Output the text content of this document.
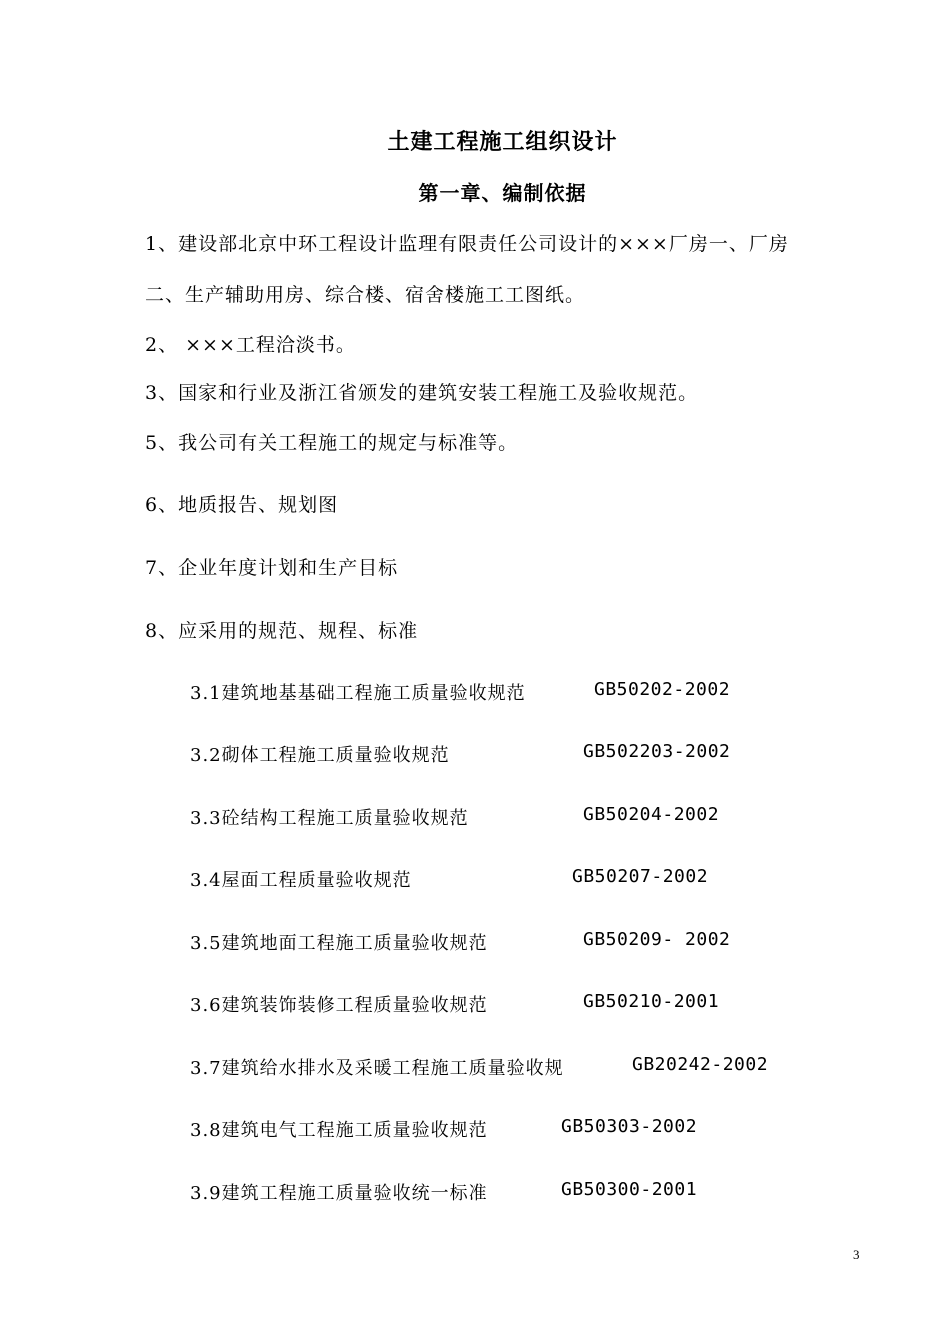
土建工程施工组织设计
第一章、编制依据
1、建设部北京中环工程设计监理有限责任公司设计的×××厂房一、厂房
二、生产辅助用房、综合楼、宿舍楼施工工图纸。
2、 ×××工程洽淡书。
3、国家和行业及浙江省颁发的建筑安装工程施工及验收规范。
5、我公司有关工程施工的规定与标准等。
6、地质报告、规划图
7、企业年度计划和生产目标
8、应采用的规范、规程、标准
3.1建筑地基基础工程施工质量验收规范	GB50202-2002
3.2砌体工程施工质量验收规范	GB502203-2002
3.3砼结构工程施工质量验收规范	GB50204-2002
3.4屋面工程质量验收规范	GB50207-2002
3.5建筑地面工程施工质量验收规范	GB50209- 2002
3.6建筑装饰装修工程质量验收规范	GB50210-2001
3.7建筑给水排水及采暖工程施工质量验收规	GB20242-2002
3.8建筑电气工程施工质量验收规范	GB50303-2002
3.9建筑工程施工质量验收统一标准	GB50300-2001
3
